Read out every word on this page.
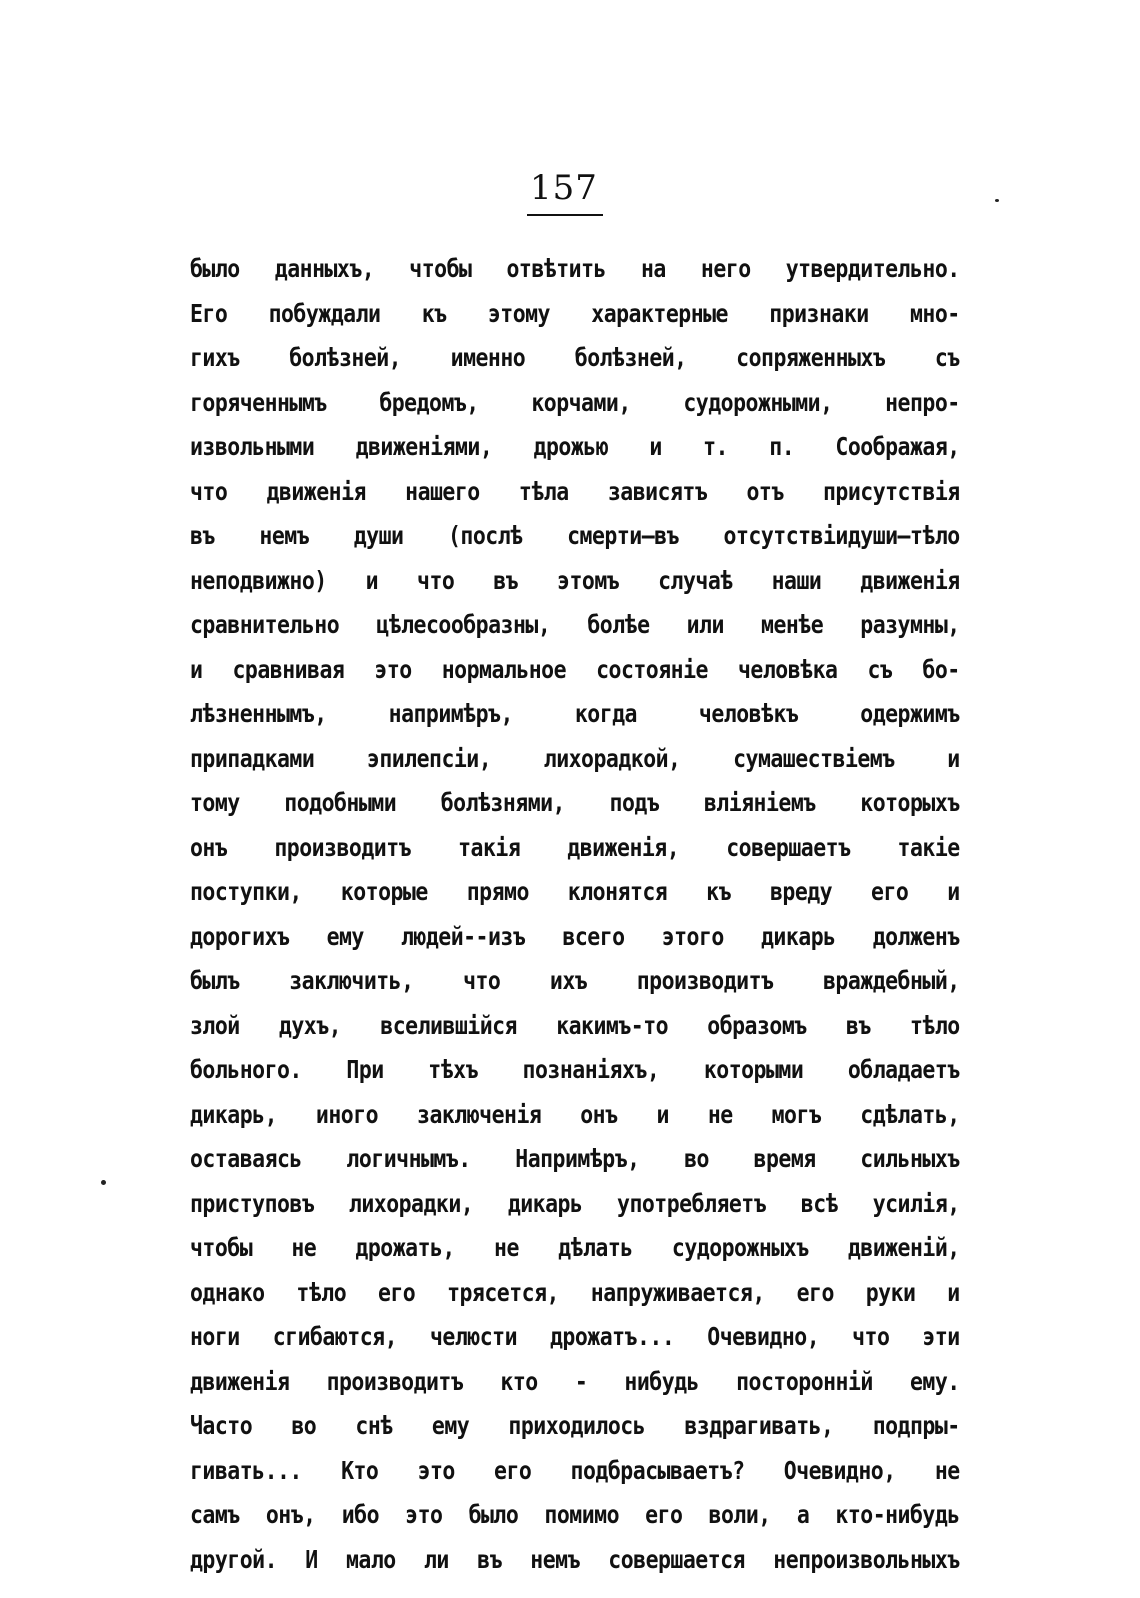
157
было данныхъ, чтобы отвѣтить на него утвердительно.
Его побуждали къ этому характерные признаки мно-
гихъ болѣзней, именно болѣзней, сопряженныхъ съ
горяченнымъ бредомъ, корчами, судорожными, непро-
извольными движеніями, дрожью и т. п. Соображая,
что движенія нашего тѣла зависятъ отъ присутствія
въ немъ души (послѣ смерти—въ отсутствіидуши—тѣло
неподвижно) и что въ этомъ случаѣ наши движенія
сравнительно цѣлесообразны, болѣе или менѣе разумны,
и сравнивая это нормальное состояніе человѣка съ бо-
лѣзненнымъ, напримѣръ, когда человѣкъ одержимъ
припадками эпилепсіи, лихорадкой, сумашествіемъ и
тому подобными болѣзнями, подъ вліяніемъ которыхъ
онъ производитъ такія движенія, совершаетъ такіе
поступки, которые прямо клонятся къ вреду его и
дорогихъ ему людей--изъ всего этого дикарь долженъ
былъ заключить, что ихъ производитъ враждебный,
злой духъ, вселившійся какимъ-то образомъ въ тѣло
больного. При тѣхъ познаніяхъ, которыми обладаетъ
дикарь, иного заключенія онъ и не могъ сдѣлать,
оставаясь логичнымъ. Напримѣръ, во время сильныхъ
приступовъ лихорадки, дикарь употребляетъ всѣ усилія,
чтобы не дрожать, не дѣлать судорожныхъ движеній,
однако тѣло его трясется, напруживается, его руки и
ноги сгибаются, челюсти дрожатъ... Очевидно, что эти
движенія производитъ кто - нибудь посторонній ему.
Часто во снѣ ему приходилось вздрагивать, подпры-
гивать... Кто это его подбрасываетъ? Очевидно, не
самъ онъ, ибо это было помимо его воли, а кто-нибудь
другой. И мало ли въ немъ совершается непроизвольныхъ
